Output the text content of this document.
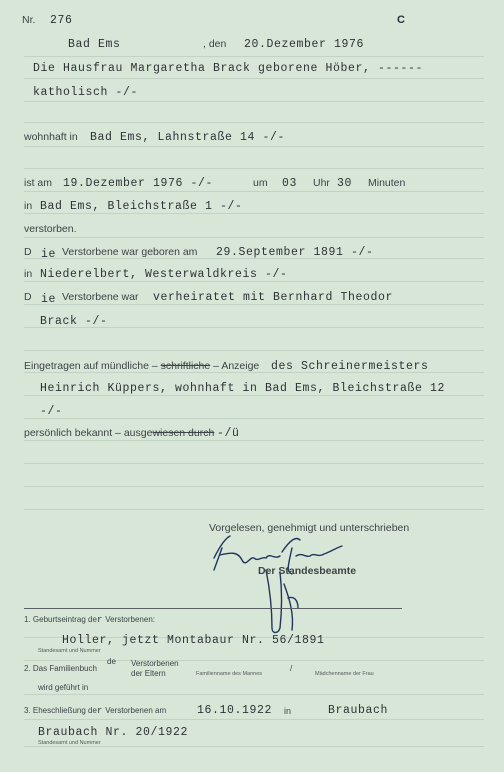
Nr. 276	C
Bad Ems	, den 20.Dezember 1976
Die Hausfrau Margaretha Brack geborene Höber, ------
katholisch -/-
wohnhaft in Bad Ems, Lahnstraße 14 -/-
ist am 19.Dezember 1976 -/-	um 03 Uhr 30 Minuten
in Bad Ems, Bleichstraße 1 -/-
verstorben.
D ie Verstorbene war geboren am 29.September 1891 -/-
in Niederelbert, Westerwaldkreis -/-
D ie Verstorbene war verheiratet mit Bernhard Theodor
Brack -/-
Eingetragen auf mündliche – schriftliche – Anzeige des Schreinermeisters
Heinrich Küppers, wohnhaft in Bad Ems, Bleichstraße 12
-/-
persönlich bekannt – ausgewiesen durch -/ü
Vorgelesen, genehmigt und unterschrieben
Der Standesbeamte
1. Geburtseintrag der Verstorbenen:
Holler, jetzt Montabaur Nr. 56/1891
Standesamt und Nummer
2. Das Familienbuch
de Verstorbenen
der Eltern	Familienname des Mannes
/
Mädchenname der Frau
wird geführt in
3. Eheschließung der Verstorbenen am	16.10.1922 in	Braubach
Braubach Nr. 20/1922
Standesamt und Nummer
